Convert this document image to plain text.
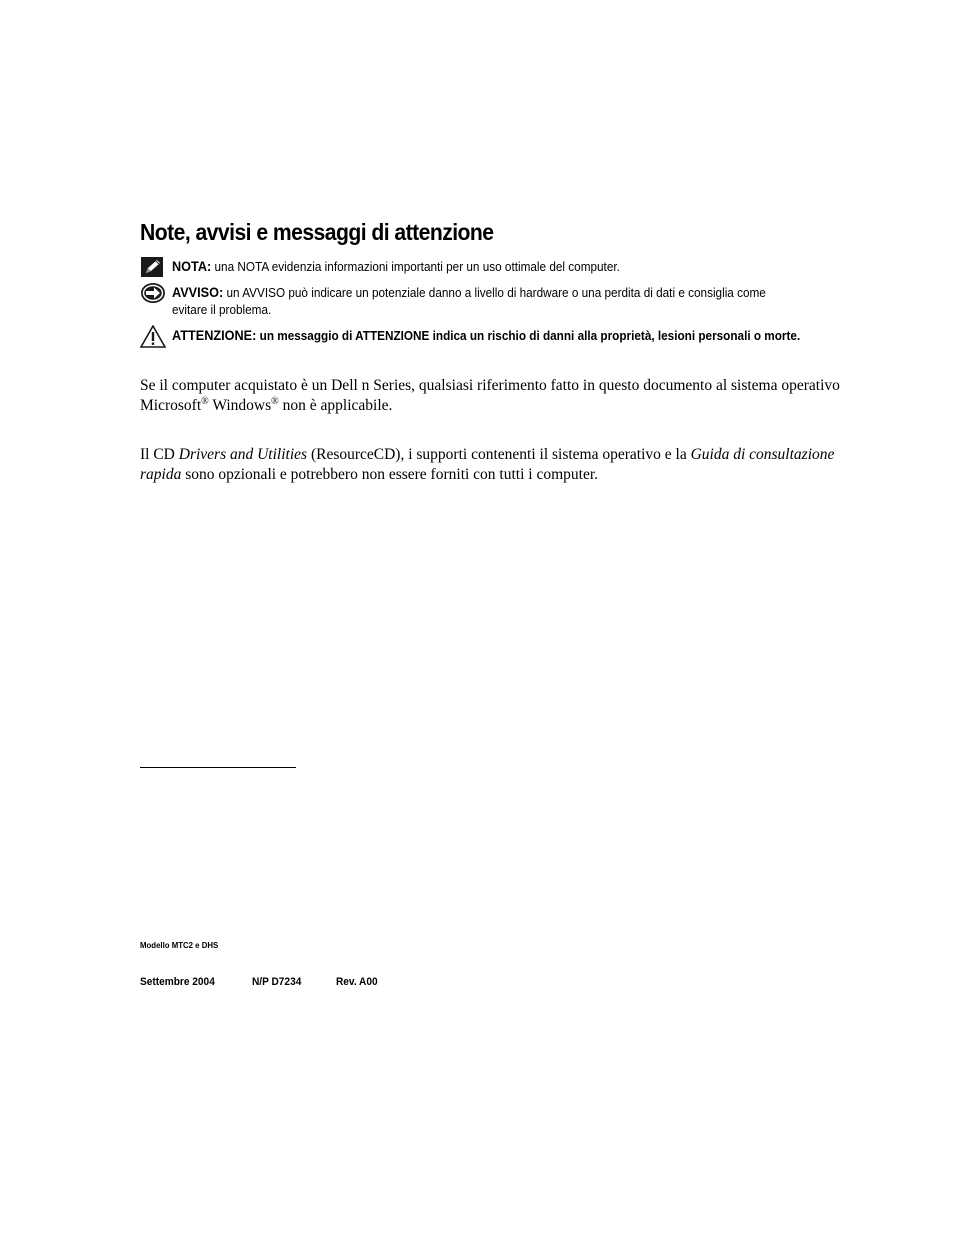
Note, avvisi e messaggi di attenzione
NOTA: una NOTA evidenzia informazioni importanti per un uso ottimale del computer.
AVVISO: un AVVISO può indicare un potenziale danno a livello di hardware o una perdita di dati e consiglia come
evitare il problema.
ATTENZIONE: un messaggio di ATTENZIONE indica un rischio di danni alla proprietà, lesioni personali o morte.
Se il computer acquistato è un Dell n Series, qualsiasi riferimento fatto in questo documento al sistema operativo Microsoft® Windows® non è applicabile.
Il CD Drivers and Utilities (ResourceCD), i supporti contenenti il sistema operativo e la Guida di consultazione rapida sono opzionali e potrebbero non essere forniti con tutti i computer.
Modello MTC2 e DHS
Settembre 2004	N/P D7234	Rev. A00
